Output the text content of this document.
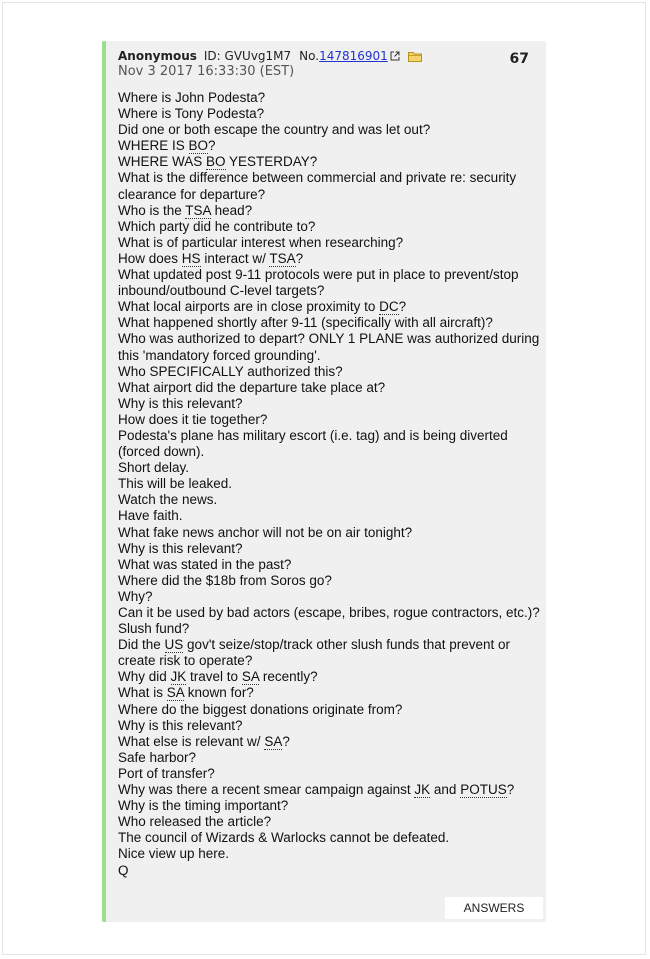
Anonymous ID: GVUvg1M7 No. 147816901
Nov 3 2017 16:33:30 (EST)
67
Where is John Podesta?
Where is Tony Podesta?
Did one or both escape the country and was let out?
WHERE IS BO?
WHERE WAS BO YESTERDAY?
What is the difference between commercial and private re: security clearance for departure?
Who is the TSA head?
Which party did he contribute to?
What is of particular interest when researching?
How does HS interact w/ TSA?
What updated post 9-11 protocols were put in place to prevent/stop inbound/outbound C-level targets?
What local airports are in close proximity to DC?
What happened shortly after 9-11 (specifically with all aircraft)?
Who was authorized to depart? ONLY 1 PLANE was authorized during this 'mandatory forced grounding'.
Who SPECIFICALLY authorized this?
What airport did the departure take place at?
Why is this relevant?
How does it tie together?
Podesta's plane has military escort (i.e. tag) and is being diverted (forced down).
Short delay.
This will be leaked.
Watch the news.
Have faith.
What fake news anchor will not be on air tonight?
Why is this relevant?
What was stated in the past?
Where did the $18b from Soros go?
Why?
Can it be used by bad actors (escape, bribes, rogue contractors, etc.)?
Slush fund?
Did the US gov't seize/stop/track other slush funds that prevent or create risk to operate?
Why did JK travel to SA recently?
What is SA known for?
Where do the biggest donations originate from?
Why is this relevant?
What else is relevant w/ SA?
Safe harbor?
Port of transfer?
Why was there a recent smear campaign against JK and POTUS?
Why is the timing important?
Who released the article?
The council of Wizards & Warlocks cannot be defeated.
Nice view up here.
Q
ANSWERS
